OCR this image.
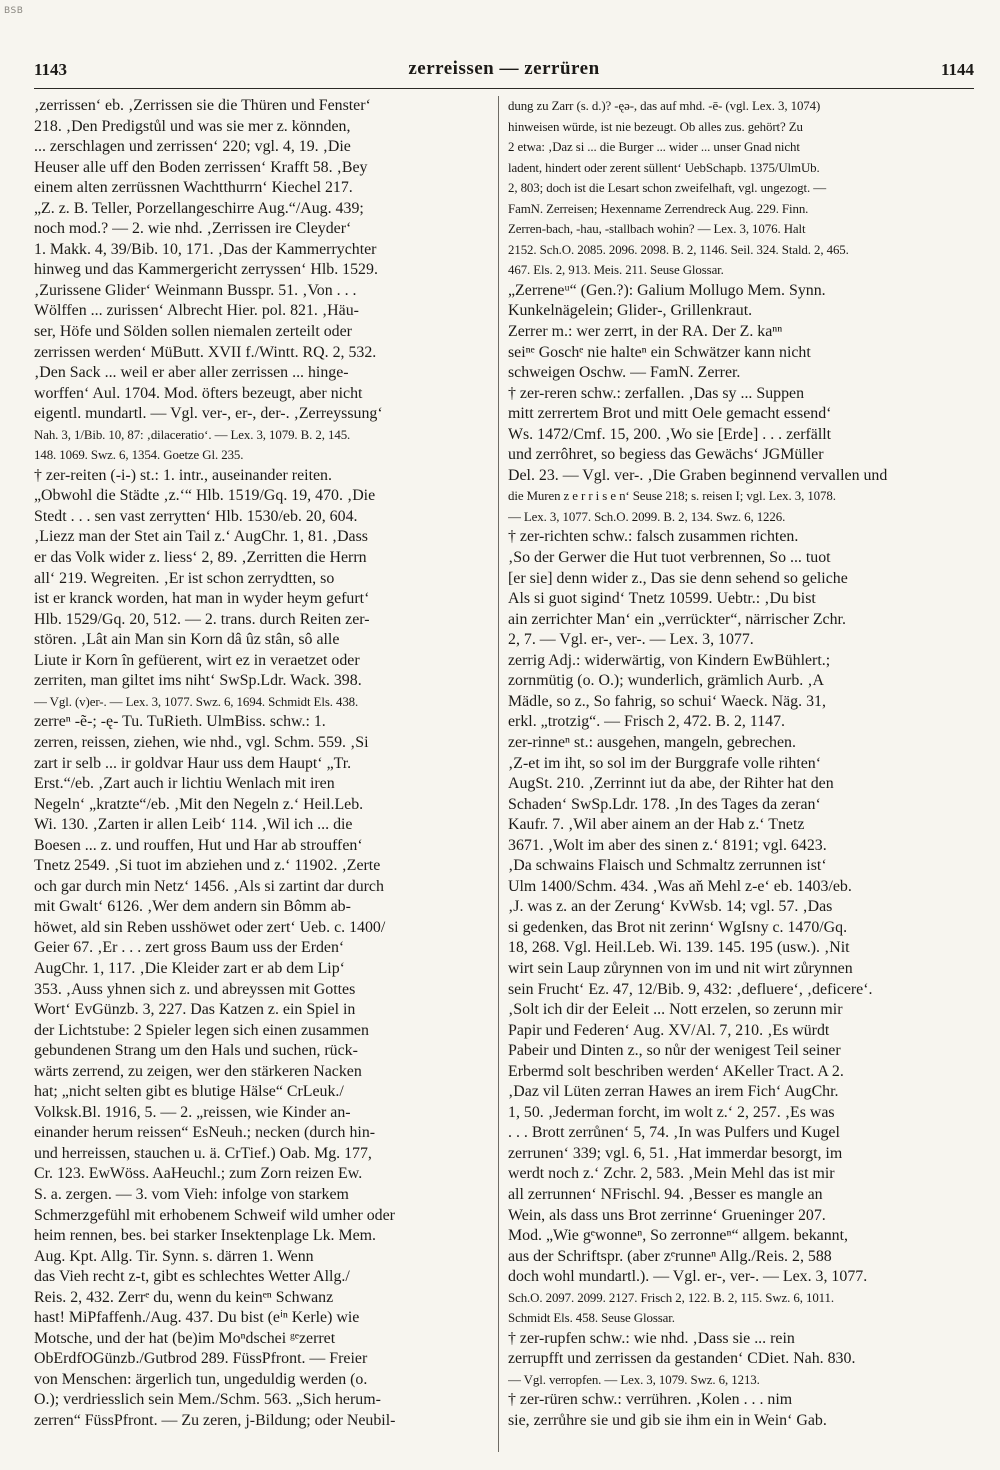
BSB
1143	zerreissen — zerrüren	1144
‚zerrissen‘ eb. ‚Zerrissen sie die Thüren und Fenster‘
218. ‚Den Predigstůl und was sie mer z. könnden,
... zerschlagen und zerrissen‘ 220; vgl. 4, 19. ‚Die
Heuser alle uff den Boden zerrissen‘ Krafft 58. ‚Bey
einem alten zerrüssnen Wachtthurrn‘ Kiechel 217.
„Z. z. B. Teller, Porzellangeschirre Aug.“/Aug. 439;
noch mod.? — 2. wie nhd. ‚Zerrissen ire Cleyder‘
1. Makk. 4, 39/Bib. 10, 171. ‚Das der Kammerrychter
hinweg und das Kammergericht zerryssen‘ Hlb. 1529.
‚Zurissene Glider‘ Weinmann Busspr. 51. ‚Von . . .
Wölffen ... zurissen‘ Albrecht Hier. pol. 821. ‚Häu-
ser, Höfe und Sölden sollen niemalen zerteilt oder
zerrissen werden‘ MüButt. XVII f./Wintt. RQ. 2, 532.
‚Den Sack ... weil er aber aller zerrissen ... hinge-
worffen‘ Aul. 1704. Mod. öfters bezeugt, aber nicht
eigentl. mundartl. — Vgl. ver-, er-, der-. ‚Zerreyssung‘
Nah. 3, 1/Bib. 10, 87: ‚dilaceratio‘. — Lex. 3, 1079. B. 2, 145.
148. 1069. Swz. 6, 1354. Goetze Gl. 235.
† zer-reiten (-i-) st.: 1. intr., auseinander reiten.
„Obwohl die Städte ‚z.‘“ Hlb. 1519/Gq. 19, 470. ‚Die
Stedt . . . sen vast zerrytten‘ Hlb. 1530/eb. 20, 604.
‚Liezz man der Stet ain Tail z.‘ AugChr. 1, 81. ‚Dass
er das Volk wider z. liess‘ 2, 89. ‚Zerritten die Herrn
all‘ 219. Wegreiten. ‚Er ist schon zerrydtten, so
ist er kranck worden, hat man in wyder heym gefurt‘
Hlb. 1529/Gq. 20, 512. — 2. trans. durch Reiten zer-
stören. ‚Lât ain Man sin Korn dâ ûz stân, sô alle
Liute ir Korn în gefüerent, wirt ez in veraetzet oder
zerriten, man giltet ims niht‘ SwSp.Ldr. Wack. 398.
— Vgl. (v)er-. — Lex. 3, 1077. Swz. 6, 1694. Schmidt Els. 438.
zerreⁿ -ẽ-; -ę- Tu. TuRieth. UlmBiss. schw.: 1.
zerren, reissen, ziehen, wie nhd., vgl. Schm. 559. ‚Si
zart ir selb ... ir goldvar Haur uss dem Haupt‘ „Tr.
Erst.“/eb. ‚Zart auch ir lichtiu Wenlach mit iren
Negeln‘ „kratzte“/eb. ‚Mit den Negeln z.‘ Heil.Leb.
Wi. 130. ‚Zarten ir allen Leib‘ 114. ‚Wil ich ... die
Boesen ... z. und rouffen, Hut und Har ab strouffen‘
Tnetz 2549. ‚Si tuot im abziehen und z.‘ 11902. ‚Zerte
och gar durch min Netz‘ 1456. ‚Als si zartint dar durch
mit Gwalt‘ 6126. ‚Wer dem andern sin Bômm ab-
höwet, ald sin Reben usshöwet oder zert‘ Ueb. c. 1400/
Geier 67. ‚Er . . . zert gross Baum uss der Erden‘
AugChr. 1, 117. ‚Die Kleider zart er ab dem Lip‘
353. ‚Auss yhnen sich z. und abreyssen mit Gottes
Wort‘ EvGünzb. 3, 227. Das Katzen z. ein Spiel in
der Lichtstube: 2 Spieler legen sich einen zusammen
gebundenen Strang um den Hals und suchen, rück-
wärts zerrend, zu zeigen, wer den stärkeren Nacken
hat; „nicht selten gibt es blutige Hälse“ CrLeuk./
Volksk.Bl. 1916, 5. — 2. „reissen, wie Kinder an-
einander herum reissen“ EsNeuh.; necken (durch hin-
und herreissen, stauchen u. ä. CrTief.) Oab. Mg. 177,
Cr. 123. EwWöss. AaHeuchl.; zum Zorn reizen Ew.
S. a. zergen. — 3. vom Vieh: infolge von starkem
Schmerzgefühl mit erhobenem Schweif wild umher oder
heim rennen, bes. bei starker Insektenplage Lk. Mem.
Aug. Kpt. Allg. Tir. Synn. s. därren 1. Wenn
das Vieh recht z-t, gibt es schlechtes Wetter Allg./
Reis. 2, 432. Zerrᵉ du, wenn du keinᵉⁿ Schwanz
hast! MiPfaffenh./Aug. 437. Du bist (eⁱⁿ Kerle) wie
Motsche, und der hat (be)im Moⁿdschei ᵍᵉzerret
ObErdfOGünzb./Gutbrod 289. FüssPfront. — Freier
von Menschen: ärgerlich tun, ungeduldig werden (o.
O.); verdriesslich sein Mem./Schm. 563. „Sich herum-
zerren“ FüssPfront. — Zu zeren, j-Bildung; oder Neubil-
dung zu Zarr (s. d.)? -ęə-, das auf mhd. -ē- (vgl. Lex. 3, 1074)
hinweisen würde, ist nie bezeugt. Ob alles zus. gehört? Zu
2 etwa: ‚Daz si ... die Burger ... wider ... unser Gnad nicht
ladent, hindert oder zerent süllent‘ UebSchapb. 1375/UlmUb.
2, 803; doch ist die Lesart schon zweifelhaft, vgl. ungezogt. —
FamN. Zerreisen; Hexenname Zerrendreck Aug. 229. Finn.
Zerren-bach, -hau, -stallbach wohin? — Lex. 3, 1076. Halt
2152. Sch.O. 2085. 2096. 2098. B. 2, 1146. Seil. 324. Stald. 2, 465.
467. Els. 2, 913. Meis. 211. Seuse Glossar.
„Zerreneᵘ“ (Gen.?): Galium Mollugo Mem. Synn.
Kunkelnägelein; Glider-, Grillenkraut.
Zerrer m.: wer zerrt, in der RA. Der Z. kaⁿⁿ
seiⁿᵉ Goschᵉ nie halteⁿ ein Schwätzer kann nicht
schweigen Oschw. — FamN. Zerrer.
† zer-reren schw.: zerfallen. ‚Das sy ... Suppen
mitt zerrertem Brot und mitt Oele gemacht essend‘
Ws. 1472/Cmf. 15, 200. ‚Wo sie [Erde] . . . zerfällt
und zerrôhret, so begiess das Gewächs‘ JGMüller
Del. 23. — Vgl. ver-. ‚Die Graben beginnend vervallen und
die Muren z e r r i s e n‘ Seuse 218; s. reisen I; vgl. Lex. 3, 1078.
— Lex. 3, 1077. Sch.O. 2099. B. 2, 134. Swz. 6, 1226.
† zer-richten schw.: falsch zusammen richten.
‚So der Gerwer die Hut tuot verbrennen, So ... tuot
[er sie] denn wider z., Das sie denn sehend so geliche
Als si guot sigind‘ Tnetz 10599. Uebtr.: ‚Du bist
ain zerrichter Man‘ ein „verrückter“, närrischer Zchr.
2, 7. — Vgl. er-, ver-. — Lex. 3, 1077.
zerrig Adj.: widerwärtig, von Kindern EwBühlert.;
zornmütig (o. O.); wunderlich, grämlich Aurb. ‚A
Mädle, so z., So fahrig, so schui‘ Waeck. Näg. 31,
erkl. „trotzig“. — Frisch 2, 472. B. 2, 1147.
zer-rinneⁿ st.: ausgehen, mangeln, gebrechen.
‚Z-et im iht, so sol im der Burggrafe volle rihten‘
AugSt. 210. ‚Zerrinnt iut da abe, der Rihter hat den
Schaden‘ SwSp.Ldr. 178. ‚In des Tages da zeran‘
Kaufr. 7. ‚Wil aber ainem an der Hab z.‘ Tnetz
3671. ‚Wolt im aber des sinen z.‘ 8191; vgl. 6423.
‚Da schwains Flaisch und Schmaltz zerrunnen ist‘
Ulm 1400/Schm. 434. ‚Was aň Mehl z-e‘ eb. 1403/eb.
‚J. was z. an der Zerung‘ KvWsb. 14; vgl. 57. ‚Das
si gedenken, das Brot nit zerinn‘ WgIsny c. 1470/Gq.
18, 268. Vgl. Heil.Leb. Wi. 139. 145. 195 (usw.). ‚Nit
wirt sein Laup zůrynnen von im und nit wirt zůrynnen
sein Frucht‘ Ez. 47, 12/Bib. 9, 432: ‚defluere‘, ‚deficere‘.
‚Solt ich dir der Eeleit ... Nott erzelen, so zerunn mir
Papir und Federen‘ Aug. XV/Al. 7, 210. ‚Es würdt
Pabeir und Dinten z., so nůr der wenigest Teil seiner
Erbermd solt beschriben werden‘ AKeller Tract. A 2.
‚Daz vil Lüten zerran Hawes an irem Fich‘ AugChr.
1, 50. ‚Jederman forcht, im wolt z.‘ 2, 257. ‚Es was
. . . Brott zerrůnen‘ 5, 74. ‚In was Pulfers und Kugel
zerrunen‘ 339; vgl. 6, 51. ‚Hat immerdar besorgt, im
werdt noch z.‘ Zchr. 2, 583. ‚Mein Mehl das ist mir
all zerrunnen‘ NFrischl. 94. ‚Besser es mangle an
Wein, als dass uns Brot zerrinne‘ Grueninger 207.
Mod. „Wie gᵉwonneⁿ, So zerronneⁿ“ allgem. bekannt,
aus der Schriftspr. (aber zᵉrunneⁿ Allg./Reis. 2, 588
doch wohl mundartl.). — Vgl. er-, ver-. — Lex. 3, 1077.
Sch.O. 2097. 2099. 2127. Frisch 2, 122. B. 2, 115. Swz. 6, 1011.
Schmidt Els. 458. Seuse Glossar.
† zer-rupfen schw.: wie nhd. ‚Dass sie ... rein
zerrupfft und zerrissen da gestanden‘ CDiet. Nah. 830.
— Vgl. verropfen. — Lex. 3, 1079. Swz. 6, 1213.
† zer-rüren schw.: verrühren. ‚Kolen . . . nim
sie, zerrůhre sie und gib sie ihm ein in Wein‘ Gab.
